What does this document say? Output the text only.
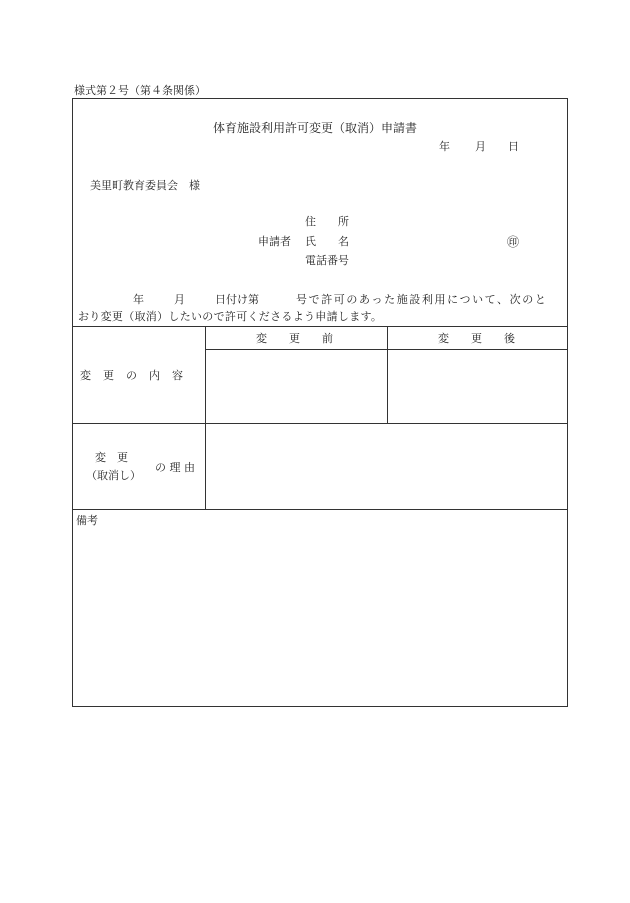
様式第２号（第４条関係）
体育施設利用許可変更（取消）申請書
年 月 日
美里町教育委員会　様
住　　所
申請者 氏　　名	㊞
電話番号
年	月	日付け第	号で許可のあった施設利用について、次のと
おり変更（取消）したいので許可くださるよう申請します。
変　　更　　前	変　　更　　後
変　更　の　内　容
変　更
（取消し）
の 理 由
備考
